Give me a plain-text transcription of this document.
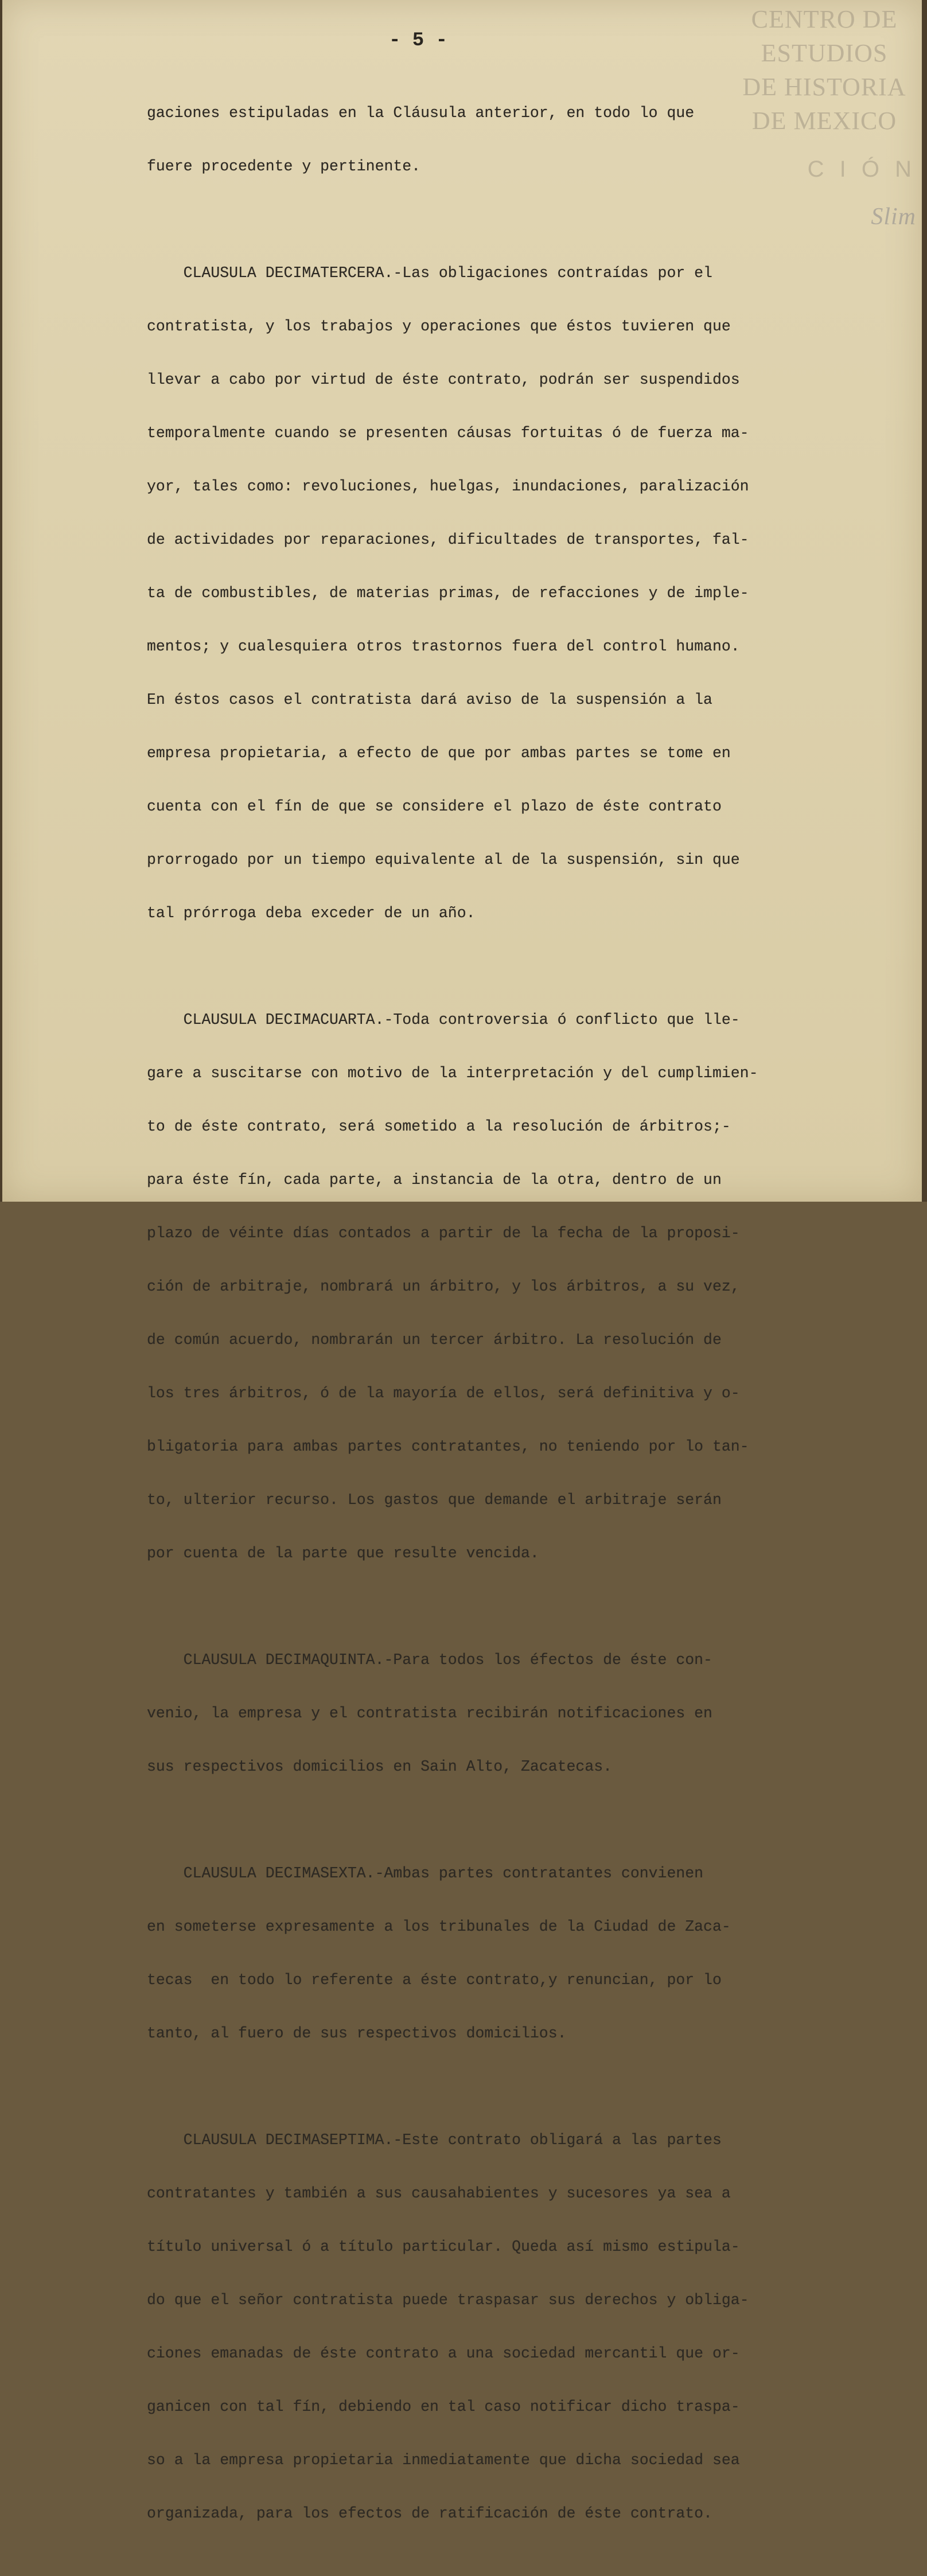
CENTRO DE
ESTUDIOS
DE HISTORIA
DE MEXICO
C I Ó N
Slim
- 5 -

gaciones estipuladas en la Cláusula anterior, en todo lo que

fuere procedente y pertinente.

CLAUSULA DECIMATERCERA.-Las obligaciones contraídas por el

contratista, y los trabajos y operaciones que éstos tuvieren que

llevar a cabo por virtud de éste contrato, podrán ser suspendidos

temporalmente cuando se presenten cáusas fortuitas ó de fuerza ma-

yor, tales como: revoluciones, huelgas, inundaciones, paralización

de actividades por reparaciones, dificultades de transportes, fal-

ta de combustibles, de materias primas, de refacciones y de imple-

mentos; y cualesquiera otros trastornos fuera del control humano.

En éstos casos el contratista dará aviso de la suspensión a la

empresa propietaria, a efecto de que por ambas partes se tome en

cuenta con el fín de que se considere el plazo de éste contrato

prorrogado por un tiempo equivalente al de la suspensión, sin que

tal prórroga deba exceder de un año.

CLAUSULA DECIMACUARTA.-Toda controversia ó conflicto que lle-

gare a suscitarse con motivo de la interpretación y del cumplimien-

to de éste contrato, será sometido a la resolución de árbitros;-

para éste fín, cada parte, a instancia de la otra, dentro de un

plazo de véinte días contados a partir de la fecha de la proposi-

ción de arbitraje, nombrará un árbitro, y los árbitros, a su vez,

de común acuerdo, nombrarán un tercer árbitro. La resolución de

los tres árbitros, ó de la mayoría de ellos, será definitiva y o-

bligatoria para ambas partes contratantes, no teniendo por lo tan-

to, ulterior recurso. Los gastos que demande el arbitraje serán

por cuenta de la parte que resulte vencida.

CLAUSULA DECIMAQUINTA.-Para todos los éfectos de éste con-

venio, la empresa y el contratista recibirán notificaciones en

sus respectivos domicilios en Sain Alto, Zacatecas.

CLAUSULA DECIMASEXTA.-Ambas partes contratantes convienen

en someterse expresamente a los tribunales de la Ciudad de Zaca-

tecas  en todo lo referente a éste contrato,y renuncian, por lo

tanto, al fuero de sus respectivos domicilios.

CLAUSULA DECIMASEPTIMA.-Este contrato obligará a las partes

contratantes y también a sus causahabientes y sucesores ya sea a

título universal ó a título particular. Queda así mismo estipula-

do que el señor contratista puede traspasar sus derechos y obliga-

ciones emanadas de éste contrato a una sociedad mercantil que or-

ganicen con tal fín, debiendo en tal caso notificar dicho traspa-

so a la empresa propietaria inmediatamente que dicha sociedad sea

organizada, para los efectos de ratificación de éste contrato.
